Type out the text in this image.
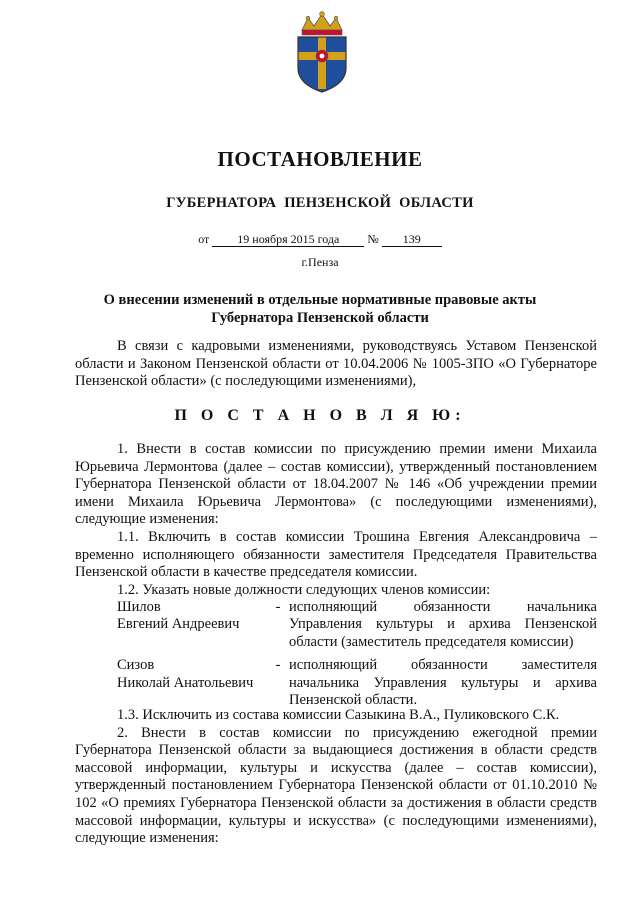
ПОСТАНОВЛЕНИЕ
ГУБЕРНАТОРА ПЕНЗЕНСКОЙ ОБЛАСТИ
от 19 ноября 2015 года № 139
г.Пенза
О внесении изменений в отдельные нормативные правовые акты
Губернатора Пензенской области

В связи с кадровыми изменениями, руководствуясь Уставом Пензенской области и Законом Пензенской области от 10.04.2006 № 1005-ЗПО «О Губернаторе Пензенской области» (с последующими изменениями),

П О С Т А Н О В Л Я Ю:

1. Внести в состав комиссии по присуждению премии имени Михаила Юрьевича Лермонтова (далее – состав комиссии), утвержденный постановлением Губернатора Пензенской области от 18.04.2007 № 146 «Об учреждении премии имени Михаила Юрьевича Лермонтова» (с последующими изменениями), следующие изменения:

1.1. Включить в состав комиссии Трошина Евгения Александровича – временно исполняющего обязанности заместителя Председателя Правительства Пензенской области в качестве председателя комиссии.

1.2. Указать новые должности следующих членов комиссии:

Шилов
Евгений Андреевич
- исполняющий обязанности начальника Управления культуры и архива Пензенской области (заместитель председателя комиссии)
Сизов
Николай Анатольевич
- исполняющий обязанности заместителя начальника Управления культуры и архива Пензенской области.

1.3. Исключить из состава комиссии Сазыкина В.А., Пуликовского С.К.

2. Внести в состав комиссии по присуждению ежегодной премии Губернатора Пензенской области за выдающиеся достижения в области средств массовой информации, культуры и искусства (далее – состав комиссии), утвержденный постановлением Губернатора Пензенской области от 01.10.2010 № 102 «О премиях Губернатора Пензенской области за достижения в области средств массовой информации, культуры и искусства» (с последующими изменениями), следующие изменения:
